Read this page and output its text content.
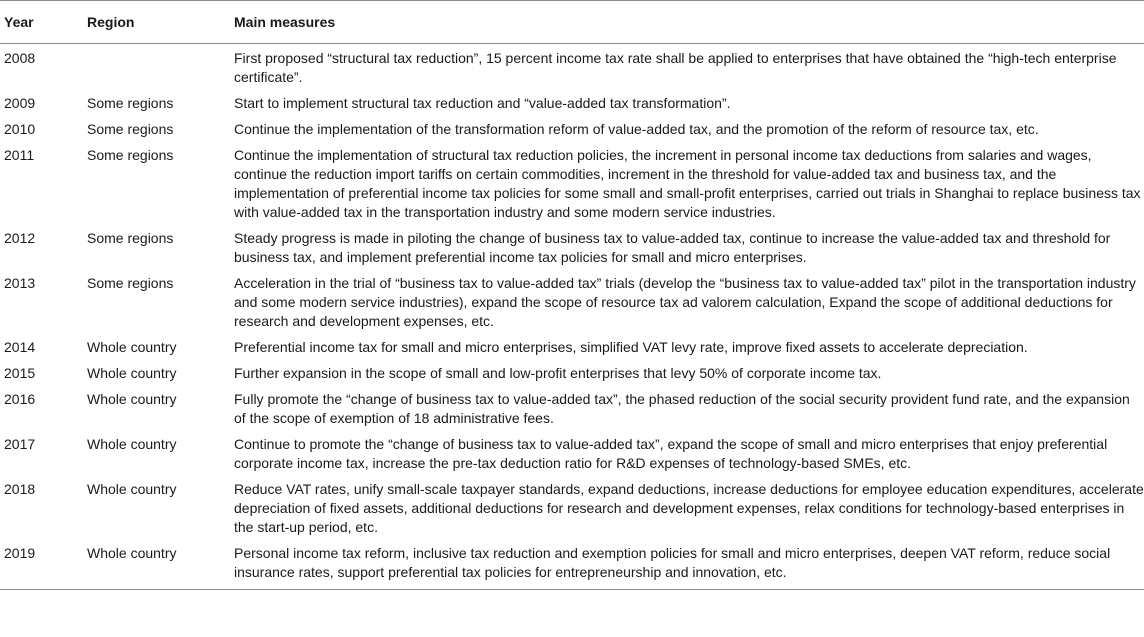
Year	Region	Main measures
2008		First proposed “structural tax reduction”, 15 percent income tax rate shall be applied to enterprises that have obtained the “high-tech enterprise certificate”.
2009	Some regions	Start to implement structural tax reduction and “value-added tax transformation”.
2010	Some regions	Continue the implementation of the transformation reform of value-added tax, and the promotion of the reform of resource tax, etc.
2011	Some regions	Continue the implementation of structural tax reduction policies, the increment in personal income tax deductions from salaries and wages, continue the reduction import tariffs on certain commodities, increment in the threshold for value-added tax and business tax, and the implementation of preferential income tax policies for some small and small-profit enterprises, carried out trials in Shanghai to replace business tax with value-added tax in the transportation industry and some modern service industries.
2012	Some regions	Steady progress is made in piloting the change of business tax to value-added tax, continue to increase the value-added tax and threshold for business tax, and implement preferential income tax policies for small and micro enterprises.
2013	Some regions	Acceleration in the trial of “business tax to value-added tax” trials (develop the “business tax to value-added tax” pilot in the transportation industry and some modern service industries), expand the scope of resource tax ad valorem calculation, Expand the scope of additional deductions for research and development expenses, etc.
2014	Whole country	Preferential income tax for small and micro enterprises, simplified VAT levy rate, improve fixed assets to accelerate depreciation.
2015	Whole country	Further expansion in the scope of small and low-profit enterprises that levy 50% of corporate income tax.
2016	Whole country	Fully promote the “change of business tax to value-added tax”, the phased reduction of the social security provident fund rate, and the expansion of the scope of exemption of 18 administrative fees.
2017	Whole country	Continue to promote the “change of business tax to value-added tax”, expand the scope of small and micro enterprises that enjoy preferential corporate income tax, increase the pre-tax deduction ratio for R&D expenses of technology-based SMEs, etc.
2018	Whole country	Reduce VAT rates, unify small-scale taxpayer standards, expand deductions, increase deductions for employee education expenditures, accelerate depreciation of fixed assets, additional deductions for research and development expenses, relax conditions for technology-based enterprises in the start-up period, etc.
2019	Whole country	Personal income tax reform, inclusive tax reduction and exemption policies for small and micro enterprises, deepen VAT reform, reduce social insurance rates, support preferential tax policies for entrepreneurship and innovation, etc.
